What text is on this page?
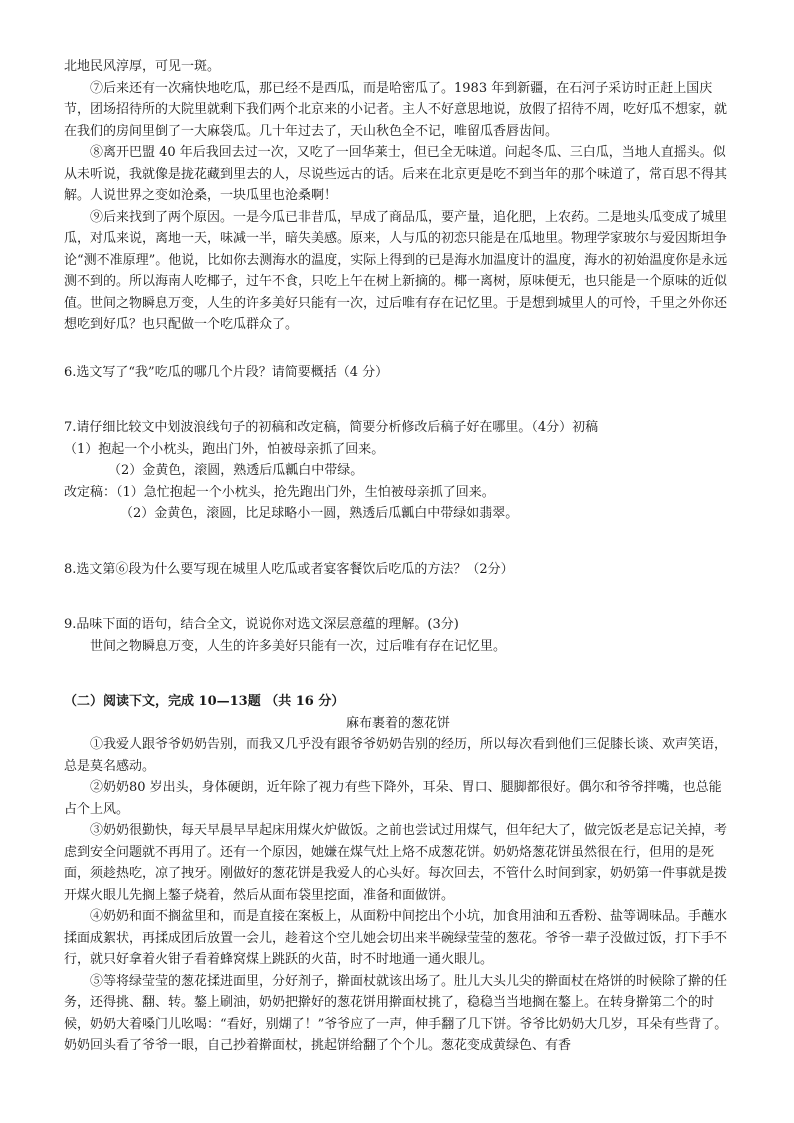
北地民风淳厚，可见一斑。

⑦后来还有一次痛快地吃瓜，那已经不是西瓜，而是哈密瓜了。1983 年到新疆，在石河子采访时正赶上国庆节，团场招待所的大院里就剩下我们两个北京来的小记者。主人不好意思地说，放假了招待不周，吃好瓜不想家，就在我们的房间里倒了一大麻袋瓜。几十年过去了，天山秋色全不记，唯留瓜香唇齿间。

⑧离开巴盟 40 年后我回去过一次，又吃了一回华莱士，但已全无味道。问起冬瓜、三白瓜，当地人直摇头。似从未听说，我就像是拢花藏到里去的人，尽说些远古的话。后来在北京更是吃不到当年的那个味道了，常百思不得其解。人说世界之变如沧桑，一块瓜里也沧桑啊！

⑨后来找到了两个原因。一是今瓜已非昔瓜，早成了商品瓜，要产量，追化肥，上农药。二是地头瓜变成了城里瓜，对瓜来说，离地一天，味减一半，暗失美感。原来，人与瓜的初恋只能是在瓜地里。物理学家玻尔与爱因斯坦争论“测不准原理”。他说，比如你去测海水的温度，实际上得到的已是海水加温度计的温度，海水的初始温度你是永远测不到的。所以海南人吃椰子，过午不食，只吃上午在树上新摘的。椰一离树，原味便无，也只能是一个原味的近似值。世间之物瞬息万变，人生的许多美好只能有一次，过后唯有存在记忆里。于是想到城里人的可怜，千里之外你还想吃到好瓜？也只配做一个吃瓜群众了。

6.选文写了“我”吃瓜的哪几个片段？请简要概括（4 分）

7.请仔细比较文中划波浪线句子的初稿和改定稿，简要分析修改后稿子好在哪里。（4分）初稿

（1）抱起一个小枕头，跑出门外，怕被母亲抓了回来。

（2）金黄色，滚圆，熟透后瓜瓤白中带绿。

改定稿：（1）急忙抱起一个小枕头，抢先跑出门外，生怕被母亲抓了回来。

（2）金黄色，滚圆，比足球略小一圆，熟透后瓜瓤白中带绿如翡翠。

8.选文第⑥段为什么要写现在城里人吃瓜或者宴客餐饮后吃瓜的方法？（2分）

9.品味下面的语句，结合全文，说说你对选文深层意蕴的理解。(3分)

世间之物瞬息万变，人生的许多美好只能有一次，过后唯有存在记忆里。

（二）阅读下文，完成 10—13题 （共 16 分）

麻布裹着的葱花饼

①我爱人跟爷爷奶奶告别，而我又几乎没有跟爷爷奶奶告别的经历，所以每次看到他们三促膝长谈、欢声笑语，总是莫名感动。

②奶奶80 岁出头，身体硬朗，近年除了视力有些下降外，耳朵、胃口、腿脚都很好。偶尔和爷爷拌嘴，也总能占个上风。

③奶奶很勤快，每天早晨早早起床用煤火炉做饭。之前也尝试过用煤气，但年纪大了，做完饭老是忘记关掉，考虑到安全问题就不再用了。还有一个原因，她嫌在煤气灶上烙不成葱花饼。奶奶烙葱花饼虽然很在行，但用的是死面，须趁热吃，凉了拽牙。刚做好的葱花饼是我爱人的心头好。每次回去，不管什么时间到家，奶奶第一件事就是拨开煤火眼儿先搁上鏊子烧着，然后从面布袋里挖面，准备和面做饼。

④奶奶和面不搁盆里和，而是直接在案板上，从面粉中间挖出个小坑，加食用油和五香粉、盐等调味品。手蘸水揉面成絮状，再揉成团后放置一会儿，趁着这个空儿她会切出来半碗绿莹莹的葱花。爷爷一辈子没做过饭，打下手不行，就只好拿着火钳子看着蜂窝煤上跳跃的火苗，时不时地通一通火眼儿。

⑤等将绿莹莹的葱花揉进面里，分好剂子，擀面杖就该出场了。肚儿大头儿尖的擀面杖在烙饼的时候除了擀的任务，还得挑、翻、转。鏊上刷油，奶奶把擀好的葱花饼用擀面杖挑了，稳稳当当地搁在鏊上。在转身擀第二个的时候，奶奶大着嗓门儿吆喝：“看好，别煳了！”爷爷应了一声，伸手翻了几下饼。爷爷比奶奶大几岁，耳朵有些背了。奶奶回头看了爷爷一眼，自己抄着擀面杖，挑起饼给翻了个个儿。葱花变成黄绿色、有香
